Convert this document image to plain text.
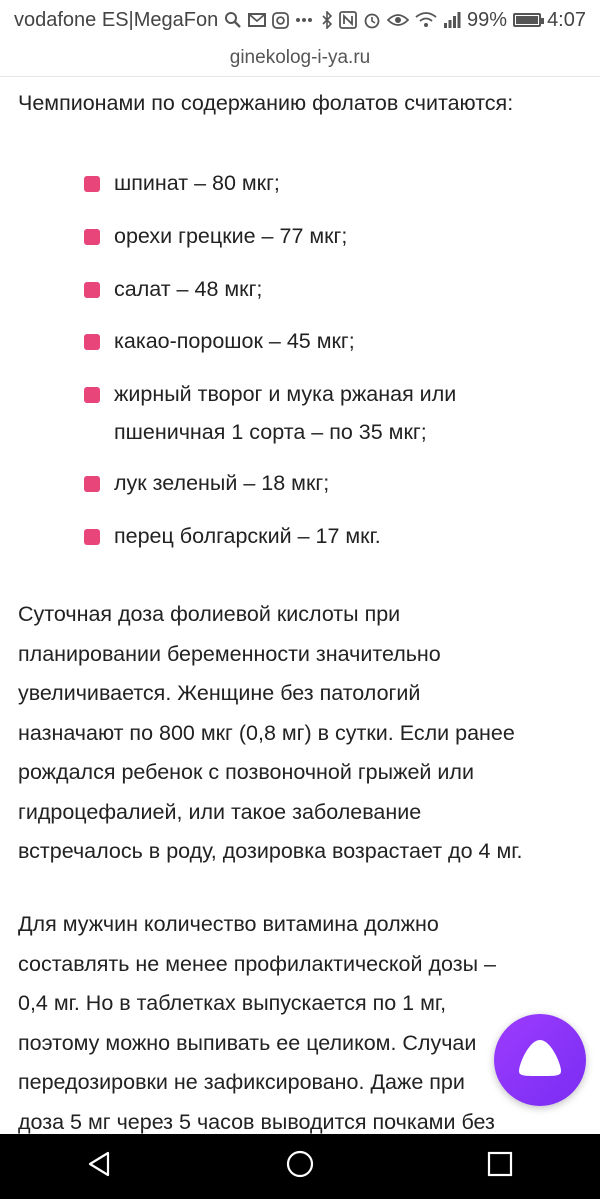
vodafone ES|MegaFon	99% 4:07
ginekolog-i-ya.ru
Чемпионами по содержанию фолатов считаются:
шпинат – 80 мкг;
орехи грецкие – 77 мкг;
салат – 48 мкг;
какао-порошок – 45 мкг;
жирный творог и мука ржаная или
пшеничная 1 сорта – по 35 мкг;
лук зеленый – 18 мкг;
перец болгарский – 17 мкг.
Суточная доза фолиевой кислоты при
планировании беременности значительно
увеличивается. Женщине без патологий
назначают по 800 мкг (0,8 мг) в сутки. Если ранее
рождался ребенок с позвоночной грыжей или
гидроцефалией, или такое заболевание
встречалось в роду, дозировка возрастает до 4 мг.
Для мужчин количество витамина должно
составлять не менее профилактической дозы –
0,4 мг. Но в таблетках выпускается по 1 мг,
поэтому можно выпивать ее целиком. Случаи
передозировки не зафиксировано. Даже при
доза 5 мг через 5 часов выводится почками без
